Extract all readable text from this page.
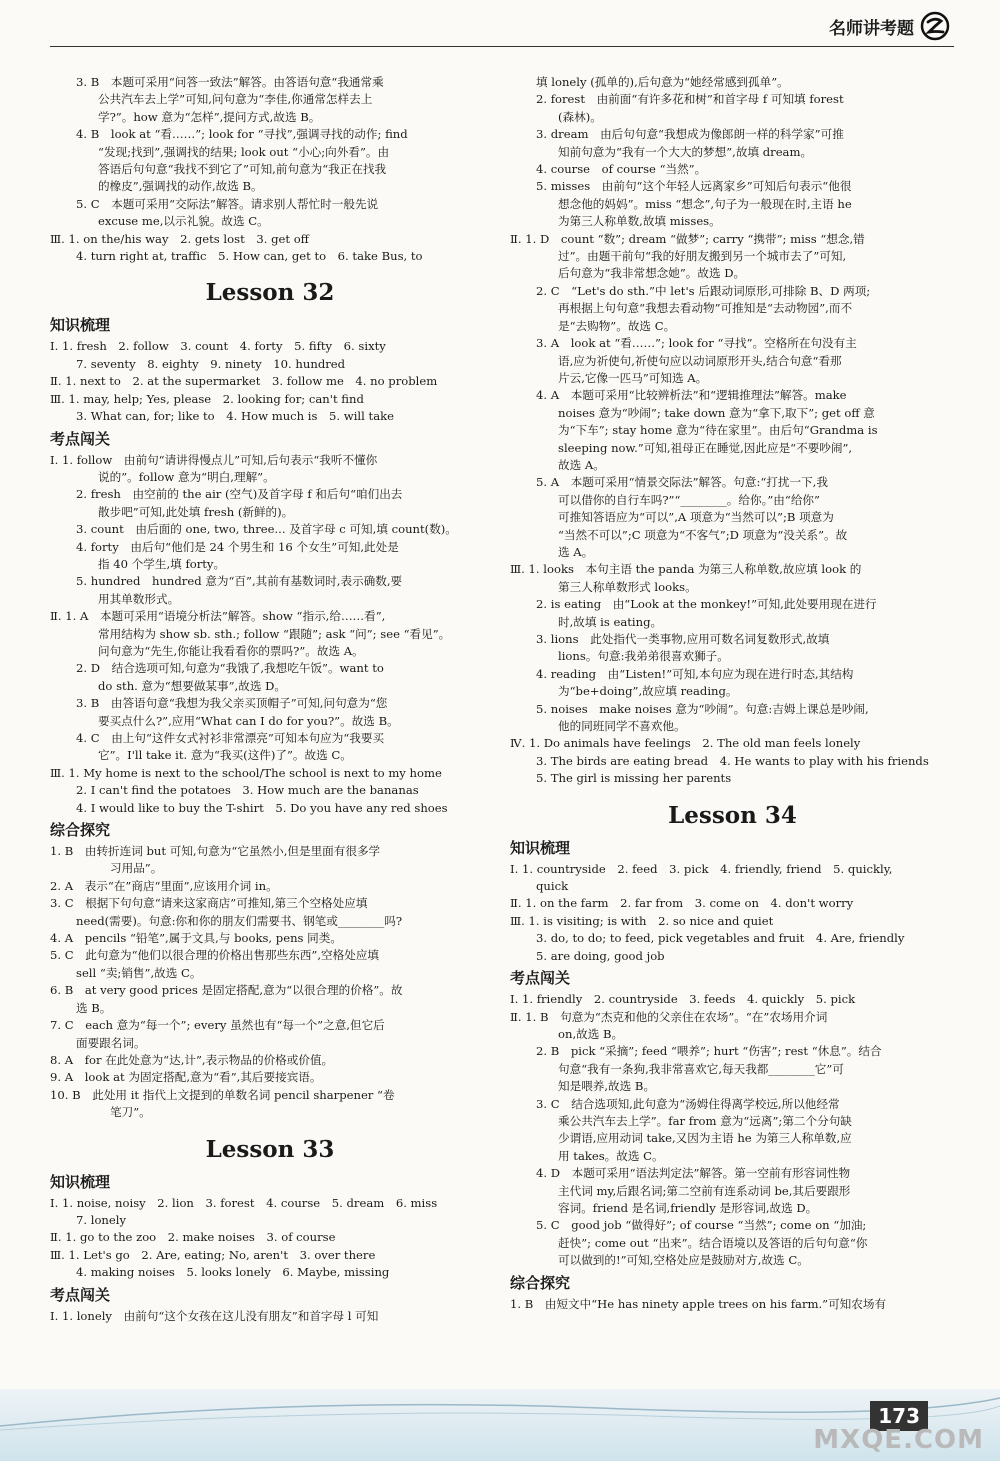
名师讲考题
3. B　本题可采用“问答一致法”解答。由答语句意“我通常乘
公共汽车去上学”可知,问句意为“李佳,你通常怎样去上
学?”。how 意为“怎样”,提问方式,故选 B。
4. B　look at “看……”; look for “寻找”,强调寻找的动作; find
“发现;找到”,强调找的结果; look out “小心;向外看”。由
答语后句句意“我找不到它了”可知,前句意为“我正在找我
的橡皮”,强调找的动作,故选 B。
5. C　本题可采用“交际法”解答。请求别人帮忙时一般先说
excuse me,以示礼貌。故选 C。
Ⅲ. 1. on the/his way　2. gets lost　3. get off
4. turn right at, traffic　5. How can, get to　6. take Bus, to
Lesson 32
知识梳理
Ⅰ. 1. fresh　2. follow　3. count　4. forty　5. fifty　6. sixty
7. seventy　8. eighty　9. ninety　10. hundred
Ⅱ. 1. next to　2. at the supermarket　3. follow me　4. no problem
Ⅲ. 1. may, help; Yes, please　2. looking for; can't find
3. What can, for; like to　4. How much is　5. will take
考点闯关
Ⅰ. 1. follow　由前句“请讲得慢点儿”可知,后句表示“我听不懂你
说的”。follow 意为“明白,理解”。
2. fresh　由空前的 the air (空气)及首字母 f 和后句“咱们出去
散步吧”可知,此处填 fresh (新鲜的)。
3. count　由后面的 one, two, three... 及首字母 c 可知,填 count(数)。
4. forty　由后句“他们是 24 个男生和 16 个女生”可知,此处是
指 40 个学生,填 forty。
5. hundred　hundred 意为“百”,其前有基数词时,表示确数,要
用其单数形式。
Ⅱ. 1. A　本题可采用“语境分析法”解答。show “指示,给……看”,
常用结构为 show sb. sth.; follow “跟随”; ask “问”; see “看见”。
问句意为“先生,你能让我看看你的票吗?”。故选 A。
2. D　结合选项可知,句意为“我饿了,我想吃午饭”。want to
do sth. 意为“想要做某事”,故选 D。
3. B　由答语句意“我想为我父亲买顶帽子”可知,问句意为“您
要买点什么?”,应用“What can I do for you?”。故选 B。
4. C　由上句“这件女式衬衫非常漂亮”可知本句应为“我要买
它”。I'll take it. 意为“我买(这件)了”。故选 C。
Ⅲ. 1. My home is next to the school/The school is next to my home
2. I can't find the potatoes　3. How much are the bananas
4. I would like to buy the T-shirt　5. Do you have any red shoes
综合探究
1. B　由转折连词 but 可知,句意为“它虽然小,但是里面有很多学
习用品”。
2. A　表示“在”商店“里面”,应该用介词 in。
3. C　根据下句句意“请来这家商店”可推知,第三个空格处应填
need(需要)。句意:你和你的朋友们需要书、钢笔或________吗?
4. A　pencils “铅笔”,属于文具,与 books, pens 同类。
5. C　此句意为“他们以很合理的价格出售那些东西”,空格处应填
sell “卖;销售”,故选 C。
6. B　at very good prices 是固定搭配,意为“以很合理的价格”。故
选 B。
7. C　each 意为“每一个”; every 虽然也有“每一个”之意,但它后
面要跟名词。
8. A　for 在此处意为“达,计”,表示物品的价格或价值。
9. A　look at 为固定搭配,意为“看”,其后要接宾语。
10. B　此处用 it 指代上文提到的单数名词 pencil sharpener “卷
笔刀”。
Lesson 33
知识梳理
Ⅰ. 1. noise, noisy　2. lion　3. forest　4. course　5. dream　6. miss
7. lonely
Ⅱ. 1. go to the zoo　2. make noises　3. of course
Ⅲ. 1. Let's go　2. Are, eating; No, aren't　3. over there
4. making noises　5. looks lonely　6. Maybe, missing
考点闯关
Ⅰ. 1. lonely　由前句“这个女孩在这儿没有朋友”和首字母 l 可知
填 lonely (孤单的),后句意为“她经常感到孤单”。
2. forest　由前面“有许多花和树”和首字母 f 可知填 forest
(森林)。
3. dream　由后句句意“我想成为像郎朗一样的科学家”可推
知前句意为“我有一个大大的梦想”,故填 dream。
4. course　of course “当然”。
5. misses　由前句“这个年轻人远离家乡”可知后句表示“他很
想念他的妈妈”。miss “想念”,句子为一般现在时,主语 he
为第三人称单数,故填 misses。
Ⅱ. 1. D　count “数”; dream “做梦”; carry “携带”; miss “想念,错
过”。由题干前句“我的好朋友搬到另一个城市去了”可知,
后句意为“我非常想念她”。故选 D。
2. C　“Let's do sth.”中 let's 后跟动词原形,可排除 B、D 两项;
再根据上句句意“我想去看动物”可推知是“去动物园”,而不
是“去购物”。故选 C。
3. A　look at “看……”; look for “寻找”。空格所在句没有主
语,应为祈使句,祈使句应以动词原形开头,结合句意“看那
片云,它像一匹马”可知选 A。
4. A　本题可采用“比较辨析法”和“逻辑推理法”解答。make
noises 意为“吵闹”; take down 意为“拿下,取下”; get off 意
为“下车”; stay home 意为“待在家里”。由后句“Grandma is
sleeping now.”可知,祖母正在睡觉,因此应是“不要吵闹”,
故选 A。
5. A　本题可采用“情景交际法”解答。句意:“打扰一下,我
可以借你的自行车吗?”“________。给你。”由“给你”
可推知答语应为“可以”,A 项意为“当然可以”;B 项意为
“当然不可以”;C 项意为“不客气”;D 项意为“没关系”。故
选 A。
Ⅲ. 1. looks　本句主语 the panda 为第三人称单数,故应填 look 的
第三人称单数形式 looks。
2. is eating　由“Look at the monkey!”可知,此处要用现在进行
时,故填 is eating。
3. lions　此处指代一类事物,应用可数名词复数形式,故填
lions。句意:我弟弟很喜欢狮子。
4. reading　由“Listen!”可知,本句应为现在进行时态,其结构
为“be+doing”,故应填 reading。
5. noises　make noises 意为“吵闹”。句意:吉姆上课总是吵闹,
他的同班同学不喜欢他。
Ⅳ. 1. Do animals have feelings　2. The old man feels lonely
3. The birds are eating bread　4. He wants to play with his friends
5. The girl is missing her parents
Lesson 34
知识梳理
Ⅰ. 1. countryside　2. feed　3. pick　4. friendly, friend　5. quickly,
quick
Ⅱ. 1. on the farm　2. far from　3. come on　4. don't worry
Ⅲ. 1. is visiting; is with　2. so nice and quiet
3. do, to do; to feed, pick vegetables and fruit　4. Are, friendly
5. are doing, good job
考点闯关
Ⅰ. 1. friendly　2. countryside　3. feeds　4. quickly　5. pick
Ⅱ. 1. B　句意为“杰克和他的父亲住在农场”。“在”农场用介词
on,故选 B。
2. B　pick “采摘”; feed “喂养”; hurt “伤害”; rest “休息”。结合
句意“我有一条狗,我非常喜欢它,每天我都________它”可
知是喂养,故选 B。
3. C　结合选项知,此句意为“汤姆住得离学校远,所以他经常
乘公共汽车去上学”。far from 意为“远离”;第二个分句缺
少谓语,应用动词 take,又因为主语 he 为第三人称单数,应
用 takes。故选 C。
4. D　本题可采用“语法判定法”解答。第一空前有形容词性物
主代词 my,后跟名词;第二空前有连系动词 be,其后要跟形
容词。friend 是名词,friendly 是形容词,故选 D。
5. C　good job “做得好”; of course “当然”; come on “加油;
赶快”; come out “出来”。结合语境以及答语的后句句意“你
可以做到的!”可知,空格处应是鼓励对方,故选 C。
综合探究
1. B　由短文中“He has ninety apple trees on his farm.”可知农场有
173
MXQE.COM
